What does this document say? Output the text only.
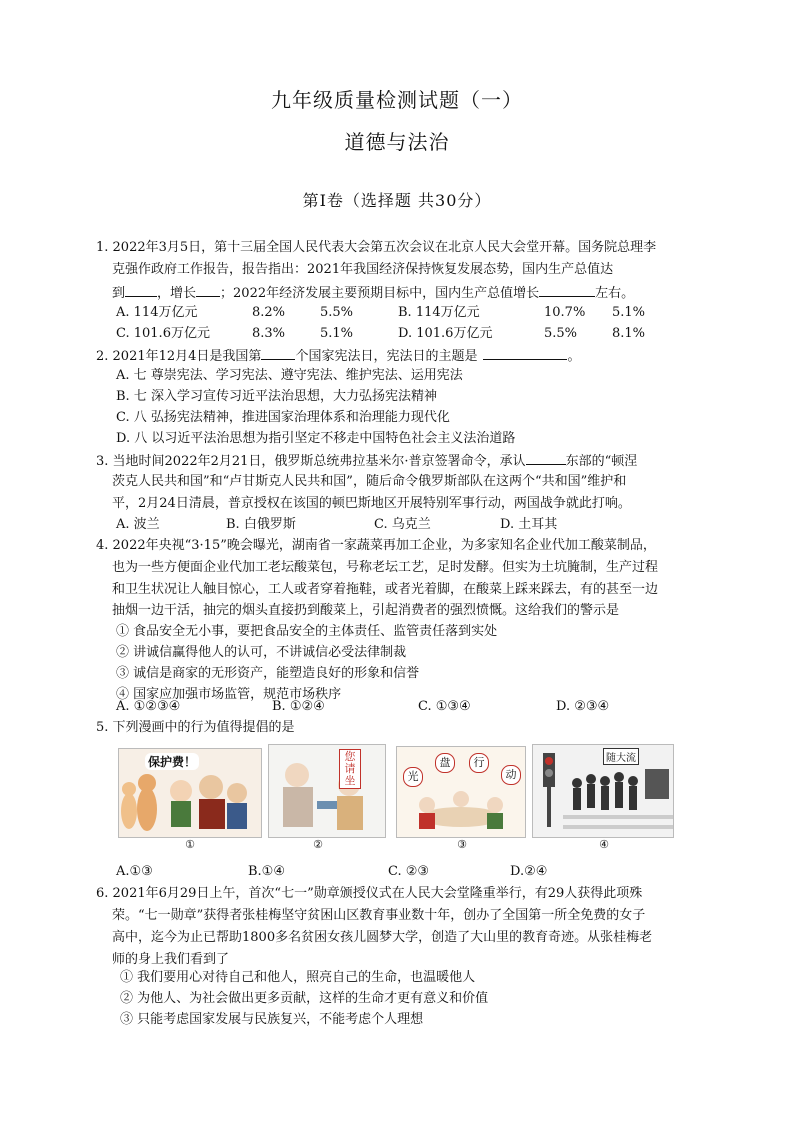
九年级质量检测试题（一）
道德与法治
第Ⅰ卷（选择题 共30分）
1. 2022年3月5日，第十三届全国人民代表大会第五次会议在北京人民大会堂开幕。国务院总理李
克强作政府工作报告，报告指出：2021年我国经济保持恢复发展态势，国内生产总值达
到 ，增长 ；2022年经济发展主要预期目标中，国内生产总值增长	左右。
A. 114万亿元	8.2%	5.5%	B. 114万亿元	10.7% 5.1%
C. 101.6万亿元	8.3%	5.1%	D. 101.6万亿元	5.5%	8.1%
2. 2021年12月4日是我国第	个国家宪法日，宪法日的主题是	。
A. 七 尊崇宪法、学习宪法、遵守宪法、维护宪法、运用宪法
B. 七 深入学习宣传习近平法治思想，大力弘扬宪法精神
C. 八 弘扬宪法精神，推进国家治理体系和治理能力现代化
D. 八 以习近平法治思想为指引坚定不移走中国特色社会主义法治道路
3. 当地时间2022年2月21日，俄罗斯总统弗拉基米尔·普京签署命令，承认	东部的“顿涅
茨克人民共和国”和“卢甘斯克人民共和国”，随后命令俄罗斯部队在这两个“共和国”维护和
平，2月24日清晨，普京授权在该国的顿巴斯地区开展特别军事行动，两国战争就此打响。
A. 波兰	B. 白俄罗斯	C. 乌克兰	D. 土耳其
4. 2022年央视“3·15”晚会曝光，湖南省一家蔬菜再加工企业，为多家知名企业代加工酸菜制品，
也为一些方便面企业代加工老坛酸菜包，号称老坛工艺，足时发酵。但实为土坑腌制，生产过程
和卫生状况让人触目惊心，工人或者穿着拖鞋，或者光着脚，在酸菜上踩来踩去，有的甚至一边
抽烟一边干活，抽完的烟头直接扔到酸菜上，引起消费者的强烈愤慨。这给我们的警示是
① 食品安全无小事，要把食品安全的主体责任、监管责任落到实处
② 讲诚信赢得他人的认可，不讲诚信必受法律制裁
③ 诚信是商家的无形资产，能塑造良好的形象和信誉
④ 国家应加强市场监管，规范市场秩序
A. ①②③④	B. ①②④	C. ①③④	D. ②③④
5. 下列漫画中的行为值得提倡的是
保护费！	您请坐	光
盘	行
动
随大流
①	②	③	④
A.①③	B.①④	C. ②③	D.②④
6. 2021年6月29日上午，首次“七一”勋章颁授仪式在人民大会堂隆重举行，有29人获得此项殊
荣。“七一勋章”获得者张桂梅坚守贫困山区教育事业数十年，创办了全国第一所全免费的女子
高中，迄今为止已帮助1800多名贫困女孩儿圆梦大学，创造了大山里的教育奇迹。从张桂梅老
师的身上我们看到了
① 我们要用心对待自己和他人，照亮自己的生命，也温暖他人
② 为他人、为社会做出更多贡献，这样的生命才更有意义和价值
③ 只能考虑国家发展与民族复兴，不能考虑个人理想
